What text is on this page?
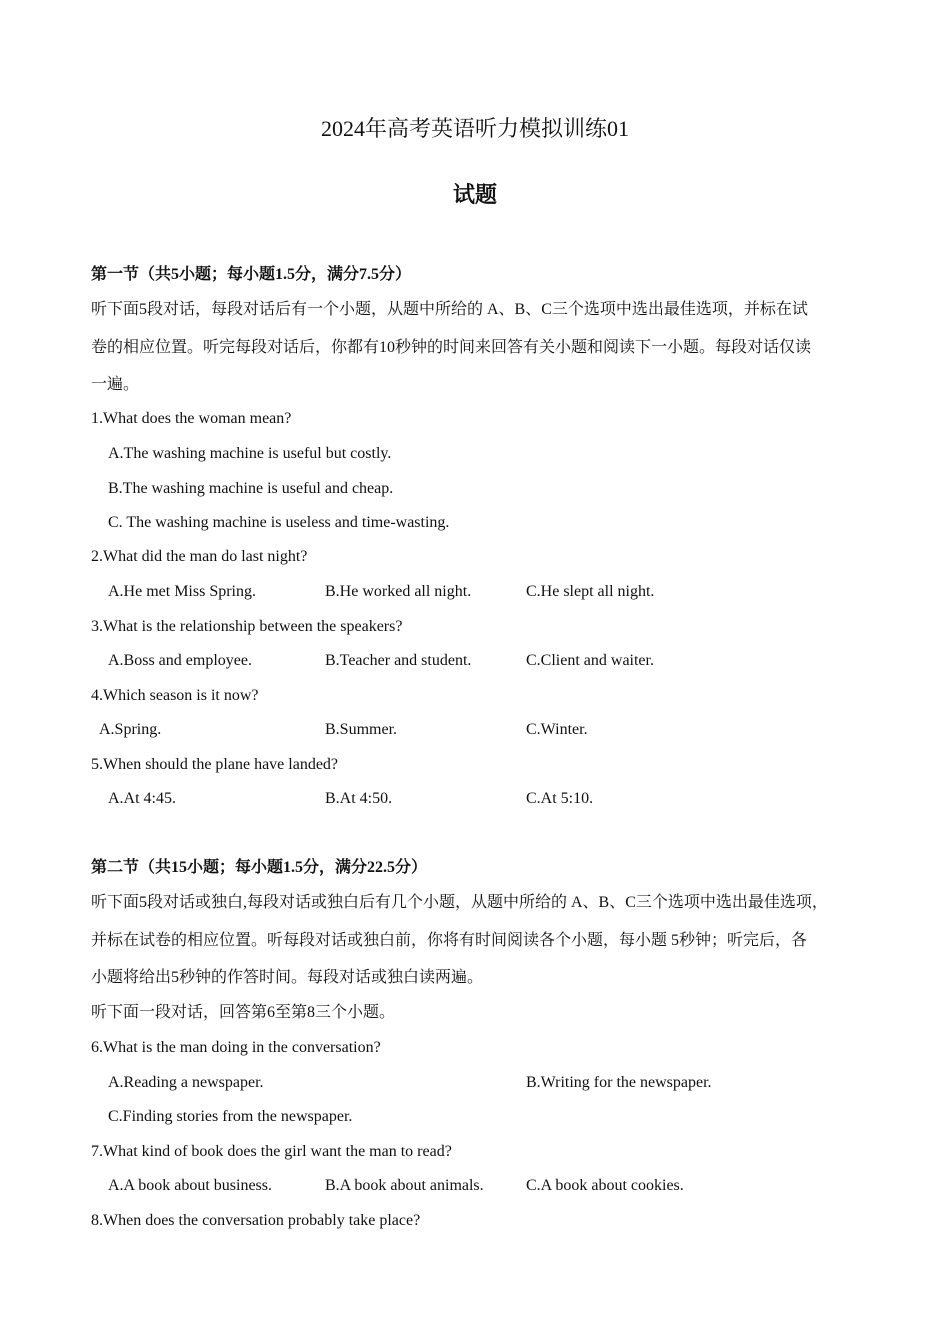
2024年高考英语听力模拟训练01
试题
第一节（共5小题；每小题1.5分，满分7.5分）
听下面5段对话，每段对话后有一个小题，从题中所给的 A、B、C三个选项中选出最佳选项，并标在试
卷的相应位置。听完每段对话后，你都有10秒钟的时间来回答有关小题和阅读下一小题。每段对话仅读
一遍。
1.What does the woman mean?
A.The washing machine is useful but costly.
B.The washing machine is useful and cheap.
C. The washing machine is useless and time-wasting.
2.What did the man do last night?
A.He met Miss Spring.	B.He worked all night.	C.He slept all night.
3.What is the relationship between the speakers?
A.Boss and employee.	B.Teacher and student.	C.Client and waiter.
4.Which season is it now?
A.Spring.	B.Summer.	C.Winter.
5.When should the plane have landed?
A.At 4:45.	B.At 4:50.	C.At 5:10.
第二节（共15小题；每小题1.5分，满分22.5分）
听下面5段对话或独白,每段对话或独白后有几个小题，从题中所给的 A、B、C三个选项中选出最佳选项，
并标在试卷的相应位置。听每段对话或独白前，你将有时间阅读各个小题，每小题 5秒钟；听完后，各
小题将给出5秒钟的作答时间。每段对话或独白读两遍。
听下面一段对话，回答第6至第8三个小题。
6.What is the man doing in the conversation?
A.Reading a newspaper.	B.Writing for the newspaper.
C.Finding stories from the newspaper.
7.What kind of book does the girl want the man to read?
A.A book about business.	B.A book about animals.	C.A book about cookies.
8.When does the conversation probably take place?
